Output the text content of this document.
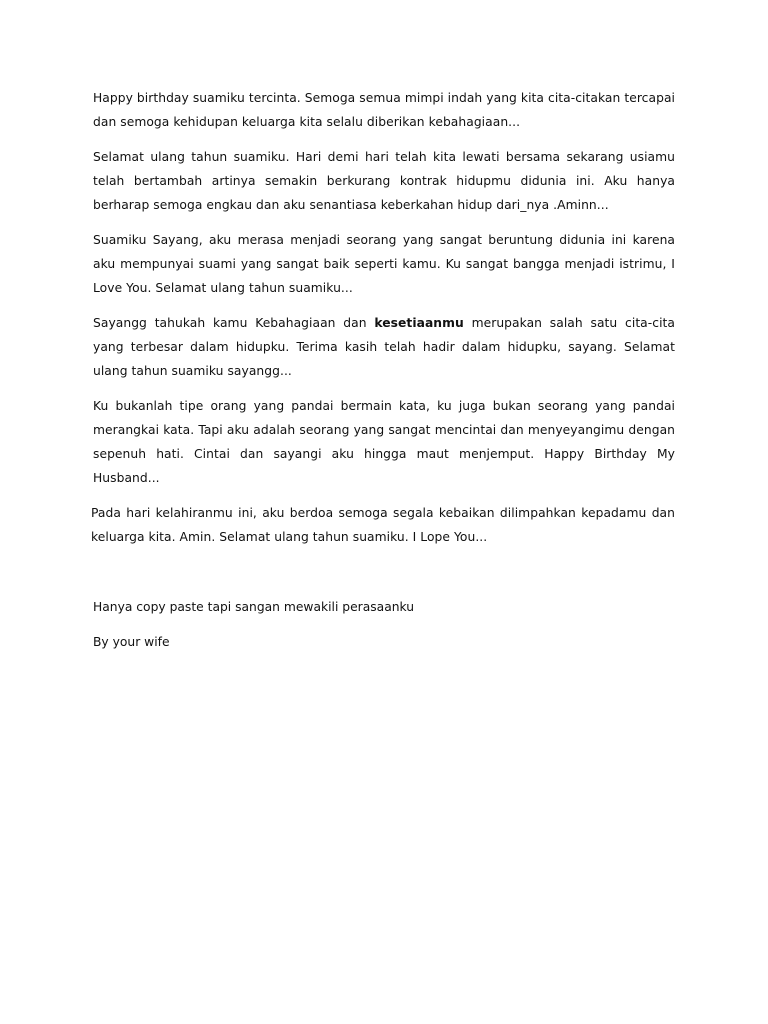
Happy birthday suamiku tercinta. Semoga semua mimpi indah yang kita cita-citakan tercapai dan semoga kehidupan keluarga kita selalu diberikan kebahagiaan...

Selamat ulang tahun suamiku. Hari demi hari telah kita lewati bersama sekarang usiamu telah bertambah artinya semakin berkurang kontrak hidupmu didunia ini. Aku hanya berharap semoga engkau dan aku senantiasa keberkahan hidup dari_nya .Aminn...

Suamiku Sayang, aku merasa menjadi seorang yang sangat beruntung didunia ini karena aku mempunyai suami yang sangat baik seperti kamu. Ku sangat bangga menjadi istrimu, I Love You. Selamat ulang tahun suamiku...

Sayangg tahukah kamu Kebahagiaan dan kesetiaanmu merupakan salah satu cita-cita yang terbesar dalam hidupku. Terima kasih telah hadir dalam hidupku, sayang. Selamat ulang tahun suamiku sayangg...

Ku bukanlah tipe orang yang pandai bermain kata, ku juga bukan seorang yang pandai merangkai kata. Tapi aku adalah seorang yang sangat mencintai dan menyeyangimu dengan sepenuh hati. Cintai dan sayangi aku hingga maut menjemput. Happy Birthday My Husband...

Pada hari kelahiranmu ini, aku berdoa semoga segala kebaikan dilimpahkan kepadamu dan keluarga kita. Amin. Selamat ulang tahun suamiku. I Lope You...

Hanya copy paste tapi sangan mewakili perasaanku

By your wife
